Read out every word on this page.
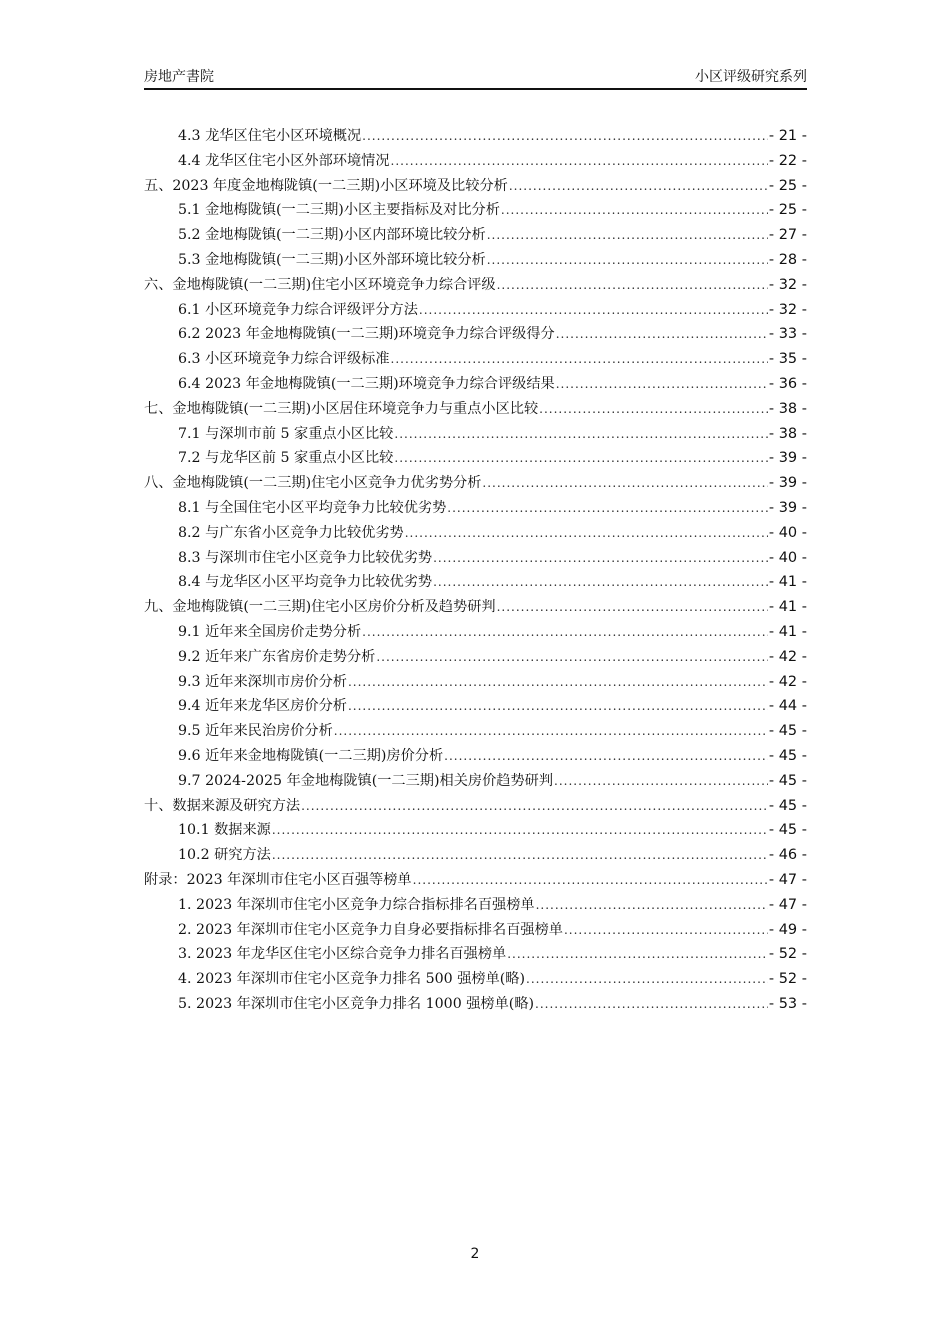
房地产書院	小区评级研究系列
4.3 龙华区住宅小区环境概况 .....	- 21 -
4.4 龙华区住宅小区外部环境情况 .....	- 22 -
五、2023 年度金地梅陇镇(一二三期)小区环境及比较分析 .....	- 25 -
5.1 金地梅陇镇(一二三期)小区主要指标及对比分析 .....	- 25 -
5.2 金地梅陇镇(一二三期)小区内部环境比较分析 .....	- 27 -
5.3 金地梅陇镇(一二三期)小区外部环境比较分析 .....	- 28 -
六、金地梅陇镇(一二三期)住宅小区环境竞争力综合评级 .....	- 32 -
6.1 小区环境竞争力综合评级评分方法 .....	- 32 -
6.2 2023 年金地梅陇镇(一二三期)环境竞争力综合评级得分 .....	- 33 -
6.3 小区环境竞争力综合评级标准 .....	- 35 -
6.4 2023 年金地梅陇镇(一二三期)环境竞争力综合评级结果 .....	- 36 -
七、金地梅陇镇(一二三期)小区居住环境竞争力与重点小区比较 .....	- 38 -
7.1 与深圳市前 5 家重点小区比较 .....	- 38 -
7.2 与龙华区前 5 家重点小区比较 .....	- 39 -
八、金地梅陇镇(一二三期)住宅小区竞争力优劣势分析 .....	- 39 -
8.1 与全国住宅小区平均竞争力比较优劣势 .....	- 39 -
8.2 与广东省小区竞争力比较优劣势 .....	- 40 -
8.3 与深圳市住宅小区竞争力比较优劣势 .....	- 40 -
8.4 与龙华区小区平均竞争力比较优劣势 .....	- 41 -
九、金地梅陇镇(一二三期)住宅小区房价分析及趋势研判 .....	- 41 -
9.1 近年来全国房价走势分析 .....	- 41 -
9.2 近年来广东省房价走势分析 .....	- 42 -
9.3 近年来深圳市房价分析 .....	- 42 -
9.4 近年来龙华区房价分析 .....	- 44 -
9.5 近年来民治房价分析 .....	- 45 -
9.6 近年来金地梅陇镇(一二三期)房价分析 .....	- 45 -
9.7 2024-2025 年金地梅陇镇(一二三期)相关房价趋势研判 .....	- 45 -
十、数据来源及研究方法 .....	- 45 -
10.1 数据来源 .....	- 45 -
10.2 研究方法 .....	- 46 -
附录：2023 年深圳市住宅小区百强等榜单 .....	- 47 -
1. 2023 年深圳市住宅小区竞争力综合指标排名百强榜单 .....	- 47 -
2. 2023 年深圳市住宅小区竞争力自身必要指标排名百强榜单 .....	- 49 -
3. 2023 年龙华区住宅小区综合竞争力排名百强榜单 .....	- 52 -
4. 2023 年深圳市住宅小区竞争力排名 500 强榜单(略) .....	- 52 -
5. 2023 年深圳市住宅小区竞争力排名 1000 强榜单(略) .....	- 53 -
2
